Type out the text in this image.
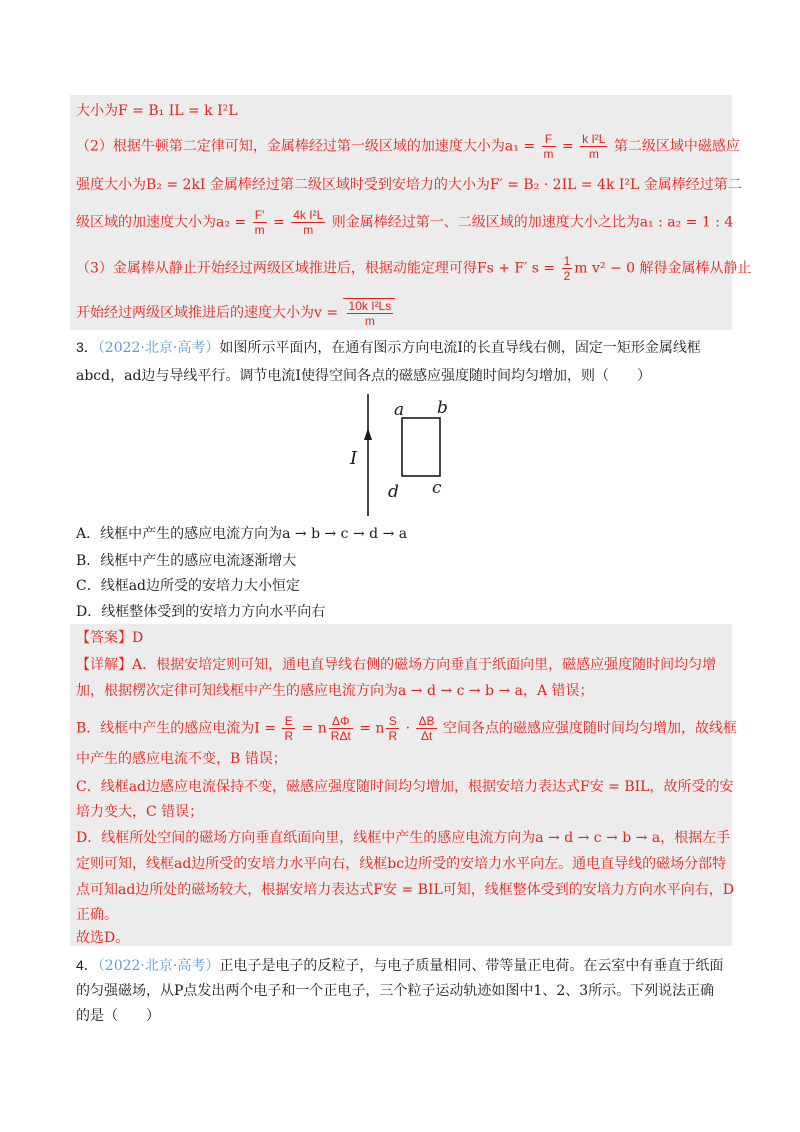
大小为F = B₁ IL = k I²L
（2）根据牛顿第二定律可知，金属棒经过第一级区域的加速度大小为$a_1 = \frac{F}{m} = \frac{\text{k I²L}}{m}$ 第二级区域中磁感应
强度大小为B₂ = 2kI 金属棒经过第二级区域时受到安培力的大小为F′ = B₂ · 2IL = 4k I²L 金属棒经过第二
级区域的加速度大小为$a_2 = \frac{F'}{m} = \frac{\text{4k I²L}}{m}$ 则金属棒经过第一、二级区域的加速度大小之比为a₁ : a₂ = 1 : 4
（3）金属棒从静止开始经过两级区域推进后，根据动能定理可得Fs + F′ $s = \frac{1}{2}$ m v² − 0 解得金属棒从静止
开始经过两级区域推进后的速度大小为$v = \frac{\text{10k I²Ls}}{m}$
3．（2022·北京·高考）如图所示平面内，在通有图示方向电流I的长直导线右侧，固定一矩形金属线框
abcd，ad边与导线平行。调节电流I使得空间各点的磁感应强度随时间均匀增加，则（　　）
I
a b
c
d
A．线框中产生的感应电流方向为a → b → c → d → a
B．线框中产生的感应电流逐渐增大
C．线框ad边所受的安培力大小恒定
D．线框整体受到的安培力方向水平向右
【答案】D
【详解】A．根据安培定则可知，通电直导线右侧的磁场方向垂直于纸面向里，磁感应强度随时间均匀增
加，根据楞次定律可知线框中产生的感应电流方向为a → d → c → b → a，A 错误；
B．线框中产生的感应电流为$I = \frac{E}{R} = n \frac{\Delta\Phi}{\text{RΔt}} = n \frac{S}{R} \cdot \frac{\Delta B}{\Delta t}$ 空间各点的磁感应强度随时间均匀增加，故线框
中产生的感应电流不变，B 错误；
C．线框ad边感应电流保持不变，磁感应强度随时间均匀增加，根据安培力表达式F安 = BIL，故所受的安
培力变大，C 错误；
D．线框所处空间的磁场方向垂直纸面向里，线框中产生的感应电流方向为a → d → c → b → a，根据左手
定则可知，线框ad边所受的安培力水平向右，线框bc边所受的安培力水平向左。通电直导线的磁场分部特
点可知ad边所处的磁场较大，根据安培力表达式F安 = BIL可知，线框整体受到的安培力方向水平向右，D
正确。
故选D。
4．（2022·北京·高考）正电子是电子的反粒子，与电子质量相同、带等量正电荷。在云室中有垂直于纸面
的匀强磁场，从P点发出两个电子和一个正电子，三个粒子运动轨迹如图中1、2、3所示。下列说法正确
的是（　　）
